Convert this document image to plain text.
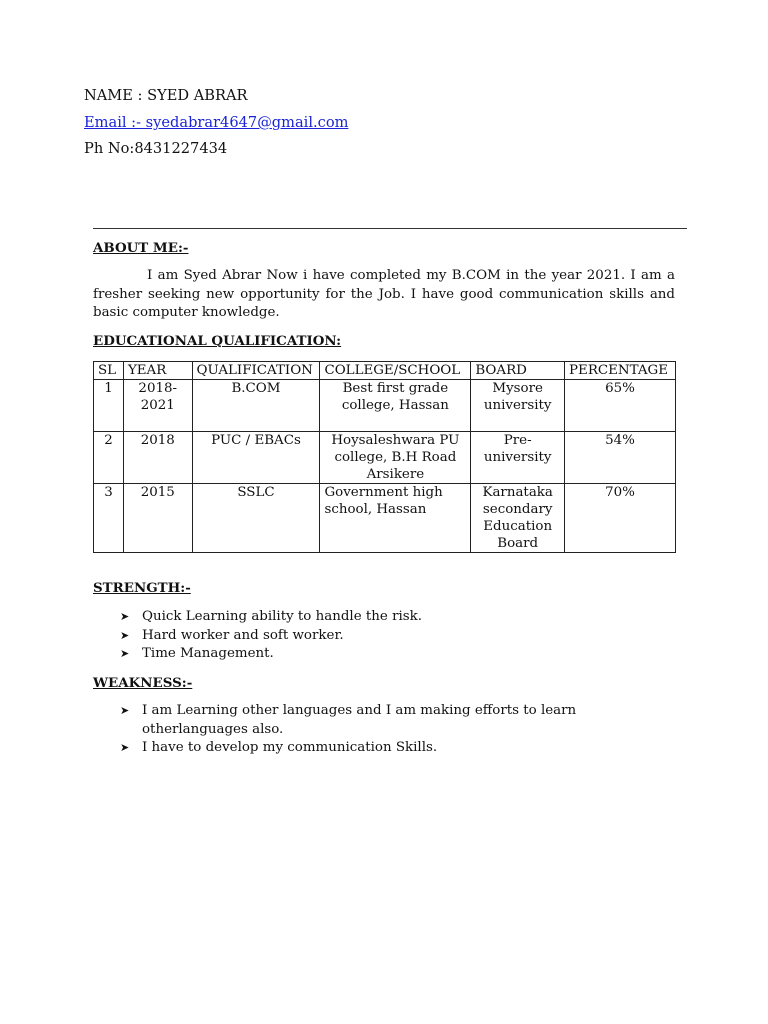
NAME : SYED ABRAR
Email :- syedabrar4647@gmail.com
Ph No:8431227434
ABOUT ME:-
I am Syed Abrar Now i have completed my B.COM in the year 2021. I am a fresher seeking new opportunity for the Job. I have good communication skills and basic computer knowledge.
EDUCATIONAL QUALIFICATION:
SL	YEAR	QUALIFICATION	COLLEGE/SCHOOL	BOARD	PERCENTAGE
1	2018-2021	B.COM	Best first grade college, Hassan	Mysore university	65%
2	2018	PUC / EBACs	Hoysaleshwara PU college, B.H Road Arsikere	Pre-university	54%
3	2015	SSLC	Government high school, Hassan	Karnataka secondary Education Board	70%
STRENGTH:-
➤ Quick Learning ability to handle the risk.
➤ Hard worker and soft worker.
➤ Time Management.
WEAKNESS:-
➤ I am Learning other languages and I am making efforts to learn otherlanguages also.
➤ I have to develop my communication Skills.
